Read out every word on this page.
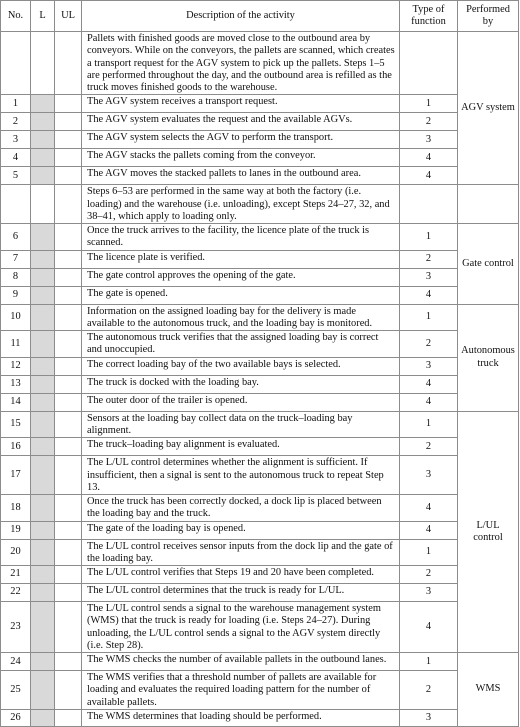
No.	L	UL	Description of the activity	Type of function	Performed by
			Pallets with finished goods are moved close to the outbound area by conveyors. While on the conveyors, the pallets are scanned, which creates a transport request for the AGV system to pick up the pallets. Steps 1–5 are performed throughout the day, and the outbound area is refilled as the truck moves finished goods to the warehouse.		AGV system
1			The AGV system receives a transport request.	1	
2			The AGV system evaluates the request and the available AGVs.	2	
3			The AGV system selects the AGV to perform the transport.	3	
4			The AGV stacks the pallets coming from the conveyor.	4	
5			The AGV moves the stacked pallets to lanes in the outbound area.	4	
			Steps 6–53 are performed in the same way at both the factory (i.e. loading) and the warehouse (i.e. unloading), except Steps 24–27, 32, and 38–41, which apply to loading only.		
6			Once the truck arrives to the facility, the licence plate of the truck is scanned.	1	Gate control
7			The licence plate is verified.	2	
8			The gate control approves the opening of the gate.	3	
9			The gate is opened.	4	
10			Information on the assigned loading bay for the delivery is made available to the autonomous truck, and the loading bay is monitored.	1	Autonomous truck
11			The autonomous truck verifies that the assigned loading bay is correct and unoccupied.	2	
12			The correct loading bay of the two available bays is selected.	3	
13			The truck is docked with the loading bay.	4	
14			The outer door of the trailer is opened.	4	
15			Sensors at the loading bay collect data on the truck–loading bay alignment.	1	L/UL control
16			The truck–loading bay alignment is evaluated.	2	
17			The L/UL control determines whether the alignment is sufficient. If insufficient, then a signal is sent to the autonomous truck to repeat Step 13.	3	
18			Once the truck has been correctly docked, a dock lip is placed between the loading bay and the truck.	4	
19			The gate of the loading bay is opened.	4	
20			The L/UL control receives sensor inputs from the dock lip and the gate of the loading bay.	1	
21			The L/UL control verifies that Steps 19 and 20 have been completed.	2	
22			The L/UL control determines that the truck is ready for L/UL.	3	
23			The L/UL control sends a signal to the warehouse management system (WMS) that the truck is ready for loading (i.e. Steps 24–27). During unloading, the L/UL control sends a signal to the AGV system directly (i.e. Step 28).	4	
24			The WMS checks the number of available pallets in the outbound lanes.	1	WMS
25			The WMS verifies that a threshold number of pallets are available for loading and evaluates the required loading pattern for the number of available pallets.	2	
26			The WMS determines that loading should be performed.	3	
